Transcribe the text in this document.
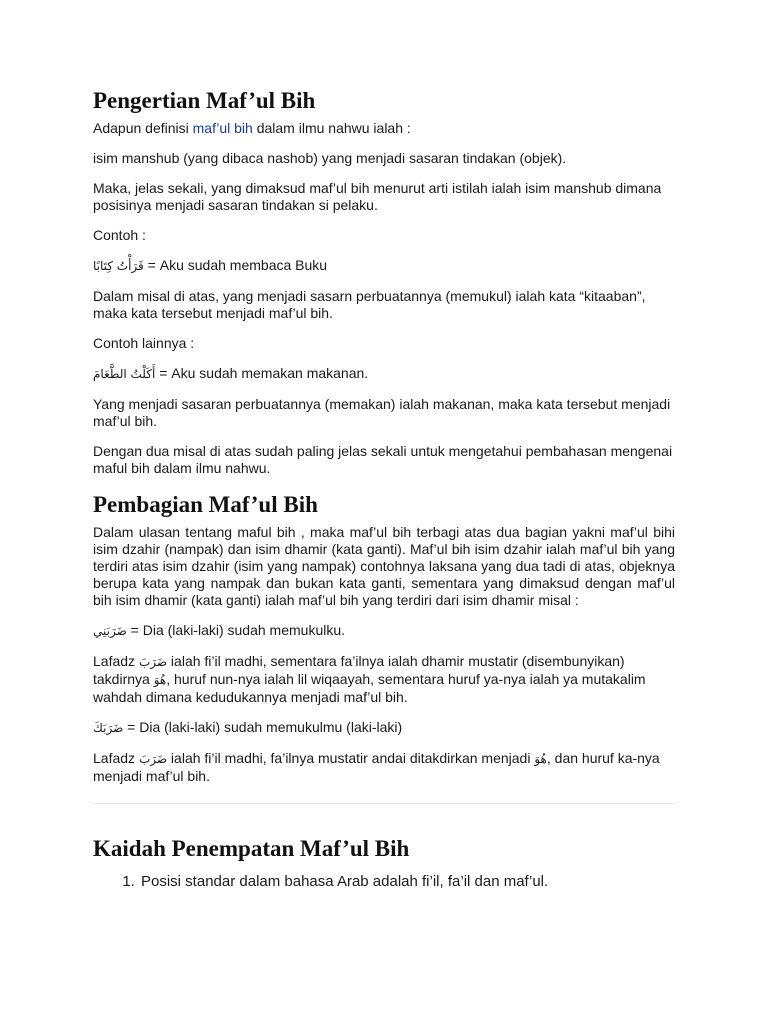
Pengertian Maf’ul Bih

Adapun definisi maf’ul bih dalam ilmu nahwu ialah :

isim manshub (yang dibaca nashob) yang menjadi sasaran tindakan (objek).

Maka, jelas sekali, yang dimaksud maf’ul bih menurut arti istilah ialah isim manshub dimana posisinya menjadi sasaran tindakan si pelaku.

Contoh :

قَرَأْتُ كِتَابًا = Aku sudah membaca Buku

Dalam misal di atas, yang menjadi sasarn perbuatannya (memukul) ialah kata “kitaaban”, maka kata tersebut menjadi maf’ul bih.

Contoh lainnya :

أَكَلْتُ الطَّعَامَ = Aku sudah memakan makanan.

Yang menjadi sasaran perbuatannya (memakan) ialah makanan, maka kata tersebut menjadi maf’ul bih.

Dengan dua misal di atas sudah paling jelas sekali untuk mengetahui pembahasan mengenai maful bih dalam ilmu nahwu.

Pembagian Maf’ul Bih

Dalam ulasan tentang maful bih , maka maf’ul bih terbagi atas dua bagian yakni maf’ul bihi isim dzahir (nampak) dan isim dhamir (kata ganti). Maf’ul bih isim dzahir ialah maf’ul bih yang terdiri atas isim dzahir (isim yang nampak) contohnya laksana yang dua tadi di atas, objeknya berupa kata yang nampak dan bukan kata ganti, sementara yang dimaksud dengan maf’ul bih isim dhamir (kata ganti) ialah maf’ul bih yang terdiri dari isim dhamir misal :

ضَرَبَنِي = Dia (laki-laki) sudah memukulku.

Lafadz ضَرَبَ ialah fi’il madhi, sementara fa’ilnya ialah dhamir mustatir (disembunyikan) takdirnya هُوَ, huruf nun-nya ialah lil wiqaayah, sementara huruf ya-nya ialah ya mutakalim wahdah dimana kedudukannya menjadi maf’ul bih.

ضَرَبَكَ = Dia (laki-laki) sudah memukulmu (laki-laki)

Lafadz ضَرَبَ ialah fi’il madhi, fa’ilnya mustatir andai ditakdirkan menjadi هُوَ, dan huruf ka-nya menjadi maf’ul bih.

Kaidah Penempatan Maf’ul Bih
1. Posisi standar dalam bahasa Arab adalah fi’il, fa’il dan maf’ul.
